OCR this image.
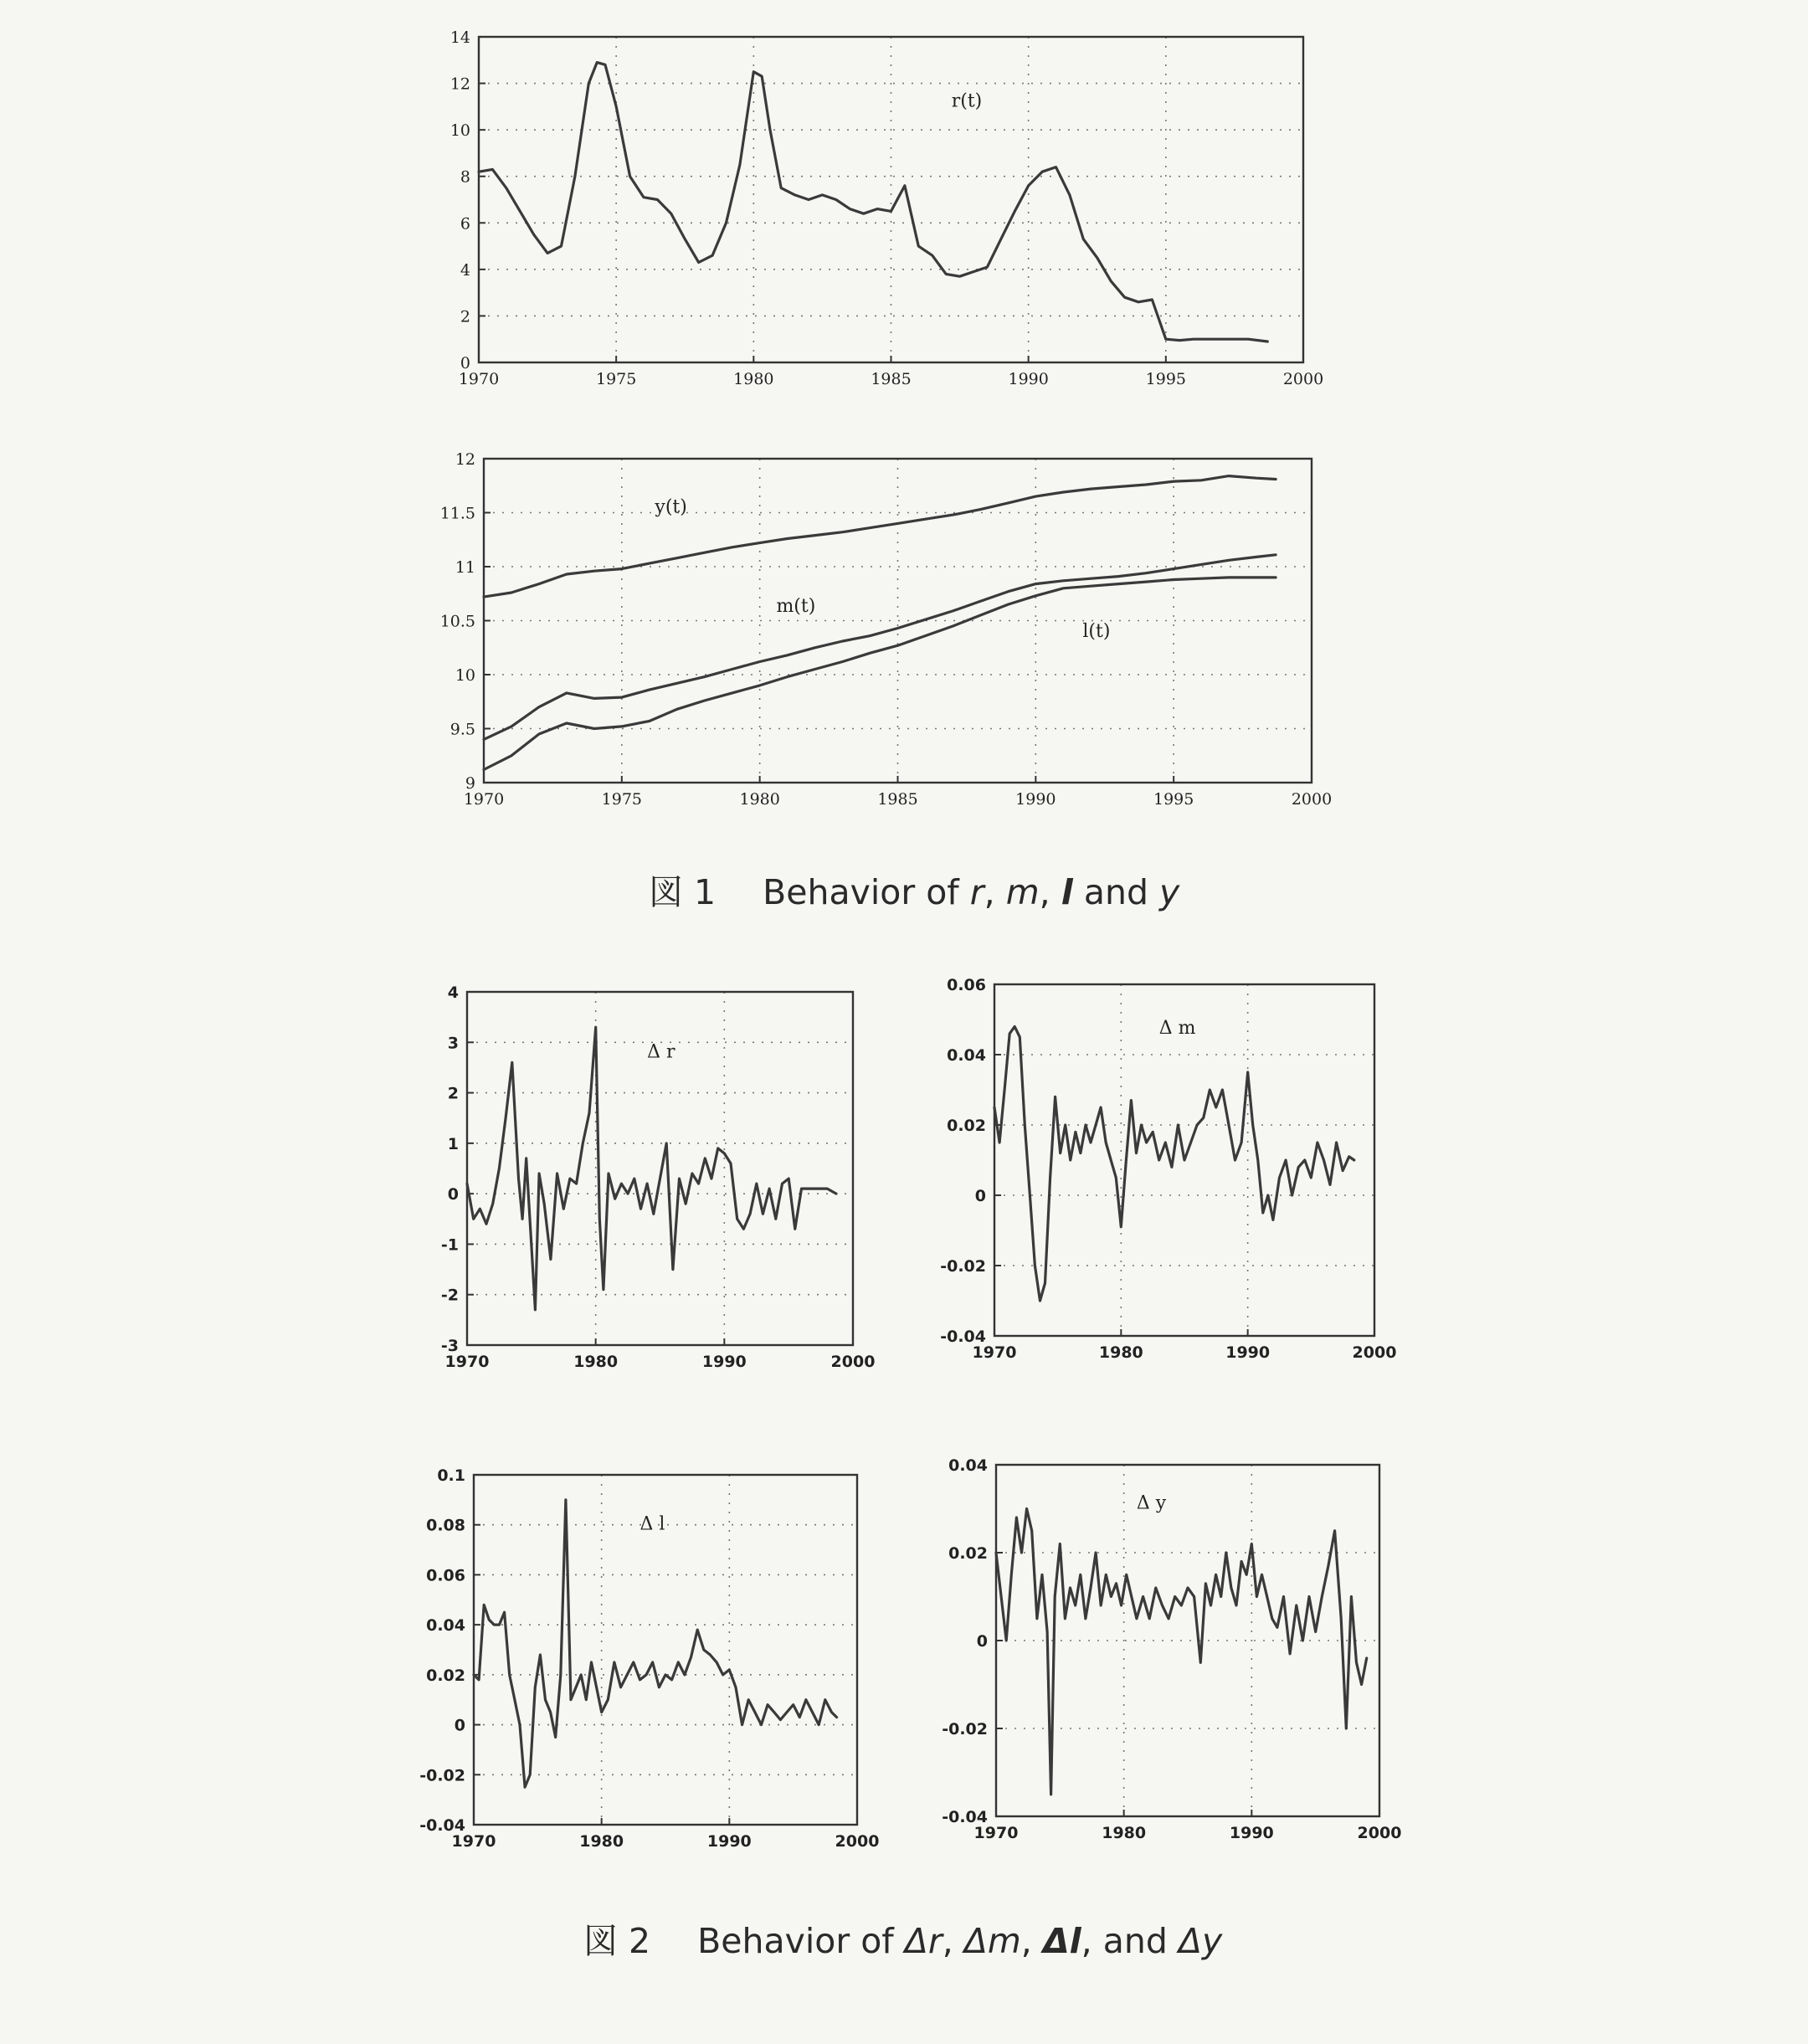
1970	1975	1980	1985	1990	1995	2000
0
2
4
6
8
10
12
14
r(t)
1970	1975	1980	1985	1990	1995	2000
9
9.5
10
10.5
11
11.5
12
y(t)
m(t)
l(t)
図 1 Behavior of r, m, l and y
1970	1980	1990	2000
-3
-2
-1
0
1
2
3
4
Δ r
1970	1980	1990	2000
-0.04
-0.02
0
0.02
0.04
0.06
Δ m
1970	1980	1990	2000
-0.04
-0.02
0
0.02
0.04
0.06
0.08
0.1
Δ l
1970	1980	1990	2000
-0.04
-0.02
0
0.02
0.04
Δ y
図 2 Behavior of Δr, Δm, Δl, and Δy
